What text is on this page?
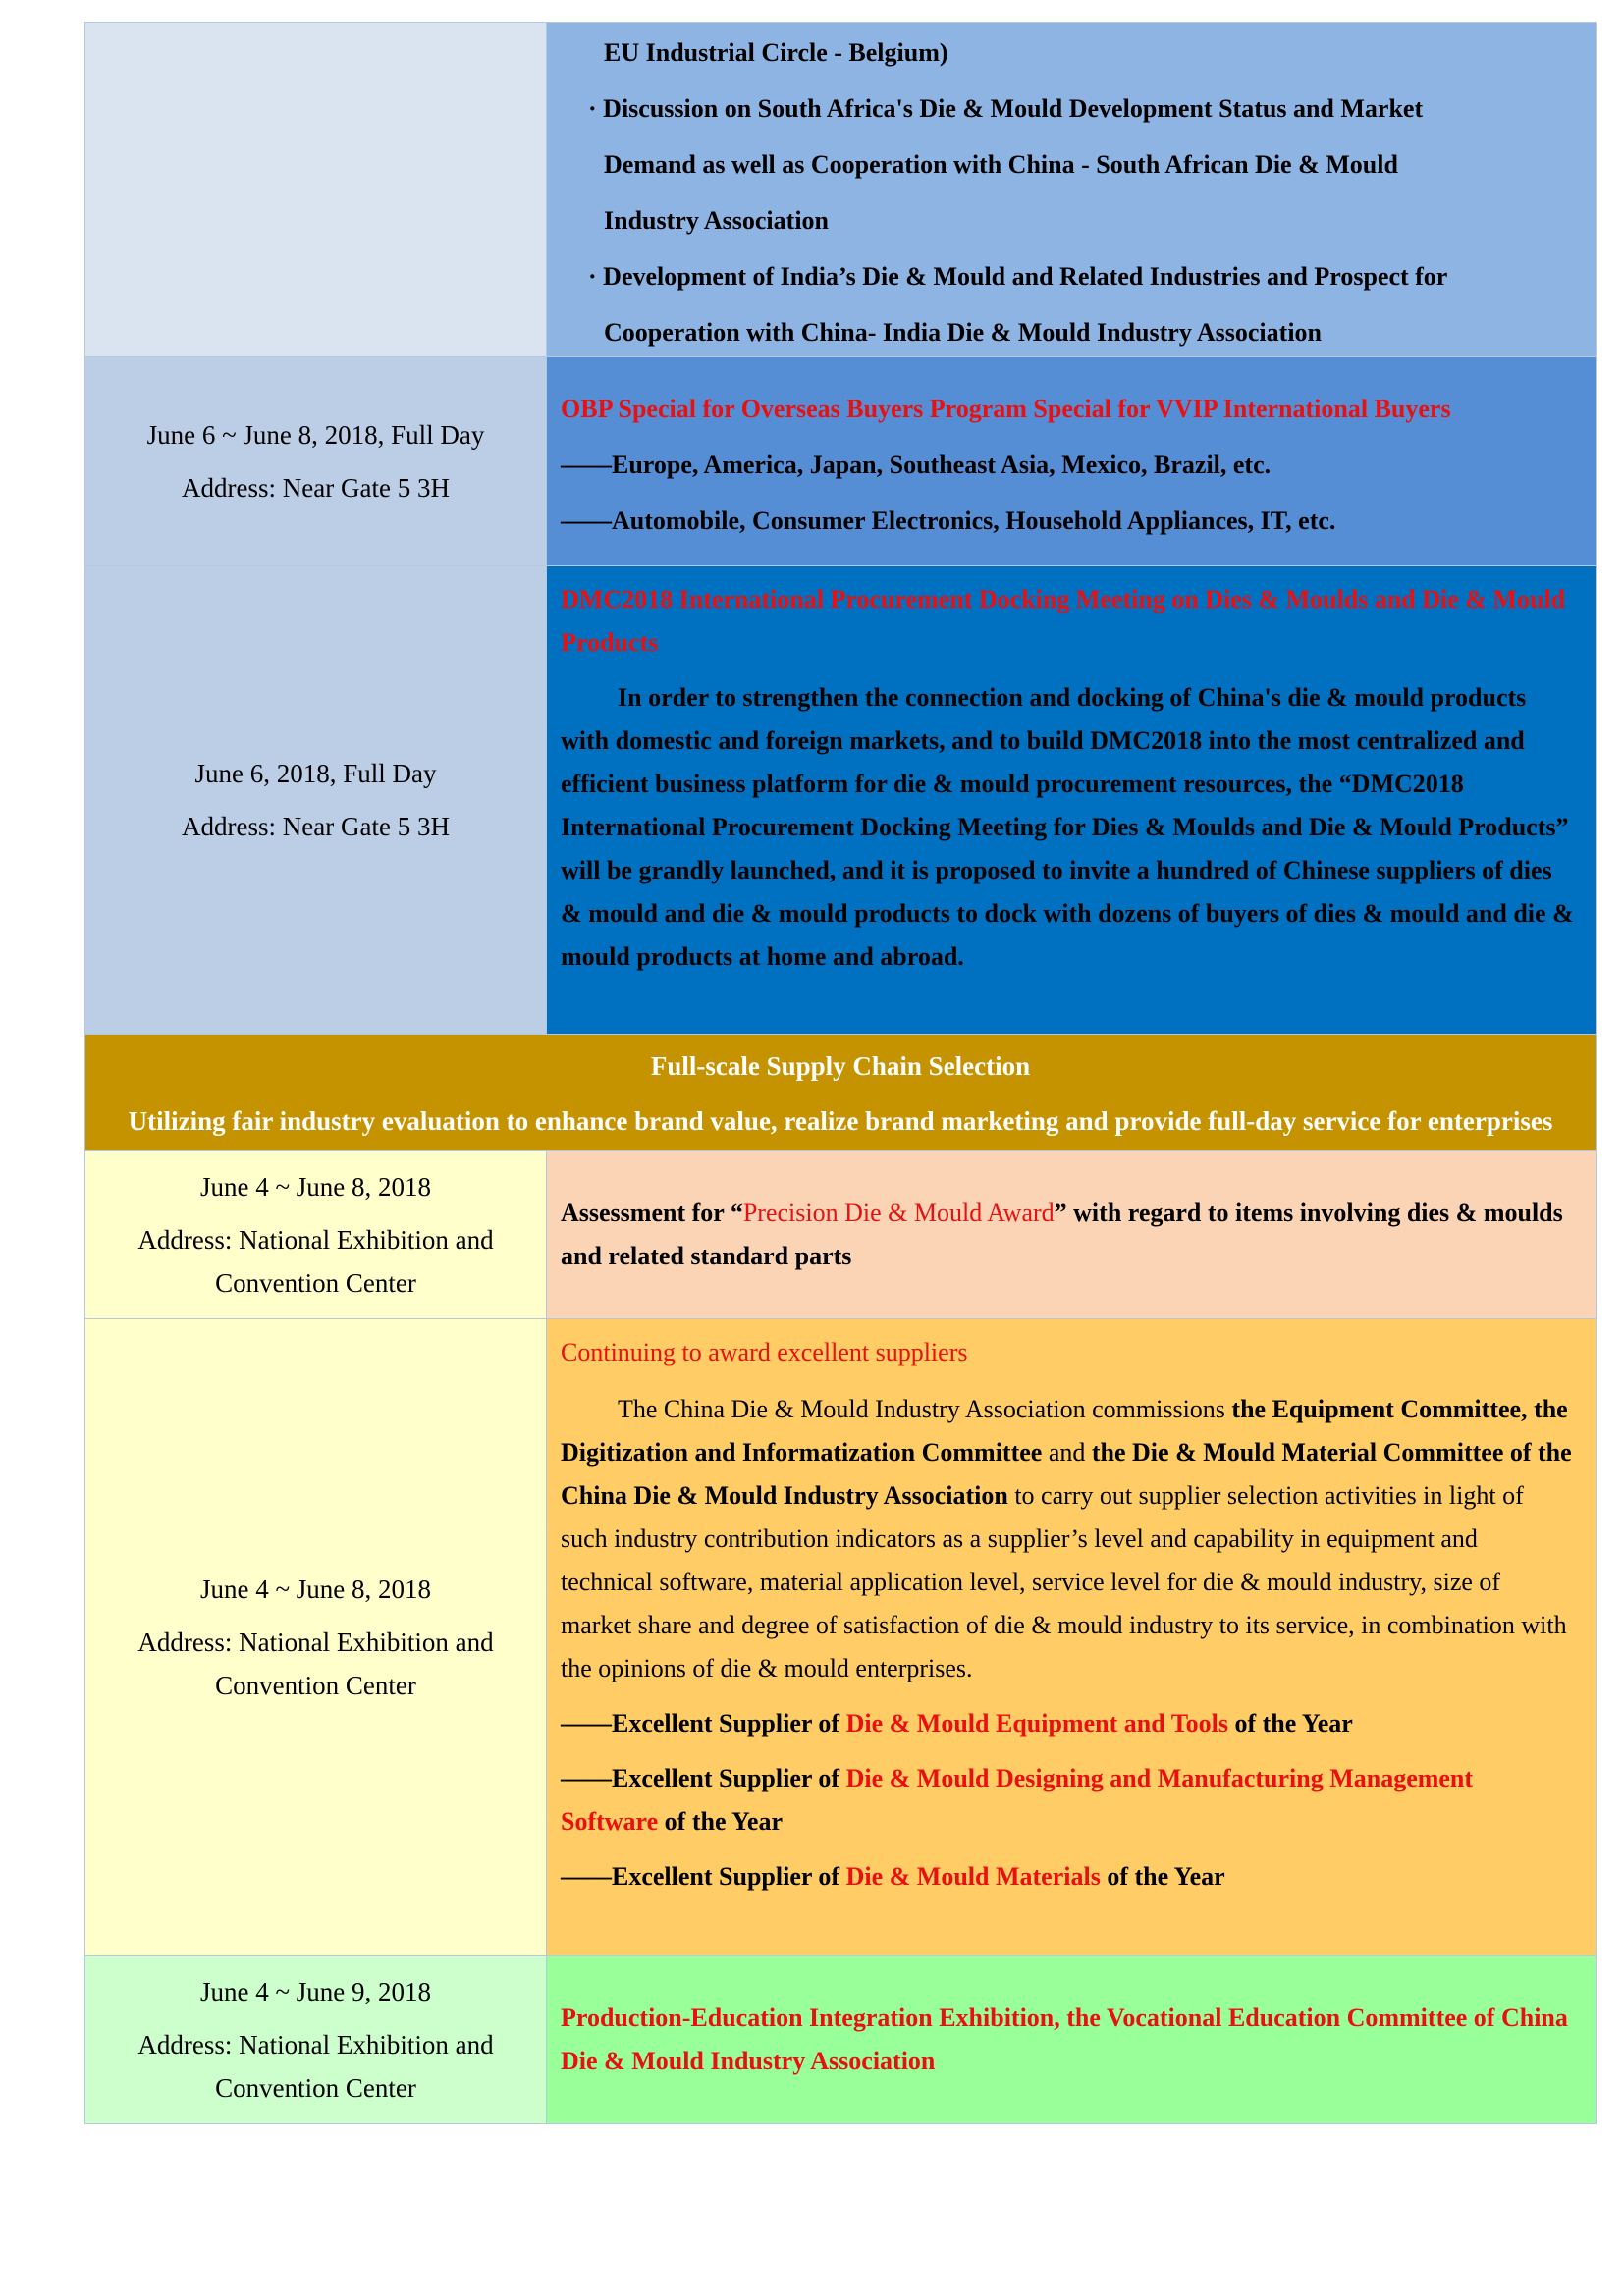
EU Industrial Circle - Belgium)

· Discussion on South Africa's Die & Mould Development Status and Market

Demand as well as Cooperation with China - South African Die & Mould

Industry Association

· Development of India’s Die & Mould and Related Industries and Prospect for

Cooperation with China- India Die & Mould Industry Association

June 6 ~ June 8, 2018, Full Day
Address: Near Gate 5 3H

OBP Special for Overseas Buyers Program Special for VVIP International Buyers

——Europe, America, Japan, Southeast Asia, Mexico, Brazil, etc.

——Automobile, Consumer Electronics, Household Appliances, IT, etc.

June 6, 2018, Full Day
Address: Near Gate 5 3H

DMC2018 International Procurement Docking Meeting on Dies & Moulds and Die & Mould Products

In order to strengthen the connection and docking of China's die & mould products with domestic and foreign markets, and to build DMC2018 into the most centralized and efficient business platform for die & mould procurement resources, the “DMC2018 International Procurement Docking Meeting for Dies & Moulds and Die & Mould Products” will be grandly launched, and it is proposed to invite a hundred of Chinese suppliers of dies & mould and die & mould products to dock with dozens of buyers of dies & mould and die & mould products at home and abroad.

Full-scale Supply Chain Selection
Utilizing fair industry evaluation to enhance brand value, realize brand marketing and provide full-day service for enterprises
June 4 ~ June 8, 2018
Address: National Exhibition and Convention Center

Assessment for “Precision Die & Mould Award” with regard to items involving dies & moulds and related standard parts

June 4 ~ June 8, 2018
Address: National Exhibition and Convention Center

Continuing to award excellent suppliers

The China Die & Mould Industry Association commissions the Equipment Committee, the Digitization and Informatization Committee and the Die & Mould Material Committee of the China Die & Mould Industry Association to carry out supplier selection activities in light of such industry contribution indicators as a supplier’s level and capability in equipment and technical software, material application level, service level for die & mould industry, size of market share and degree of satisfaction of die & mould industry to its service, in combination with the opinions of die & mould enterprises.

——Excellent Supplier of Die & Mould Equipment and Tools of the Year

——Excellent Supplier of Die & Mould Designing and Manufacturing Management Software of the Year

——Excellent Supplier of Die & Mould Materials of the Year

June 4 ~ June 9, 2018
Address: National Exhibition and Convention Center

Production-Education Integration Exhibition, the Vocational Education Committee of China Die & Mould Industry Association
